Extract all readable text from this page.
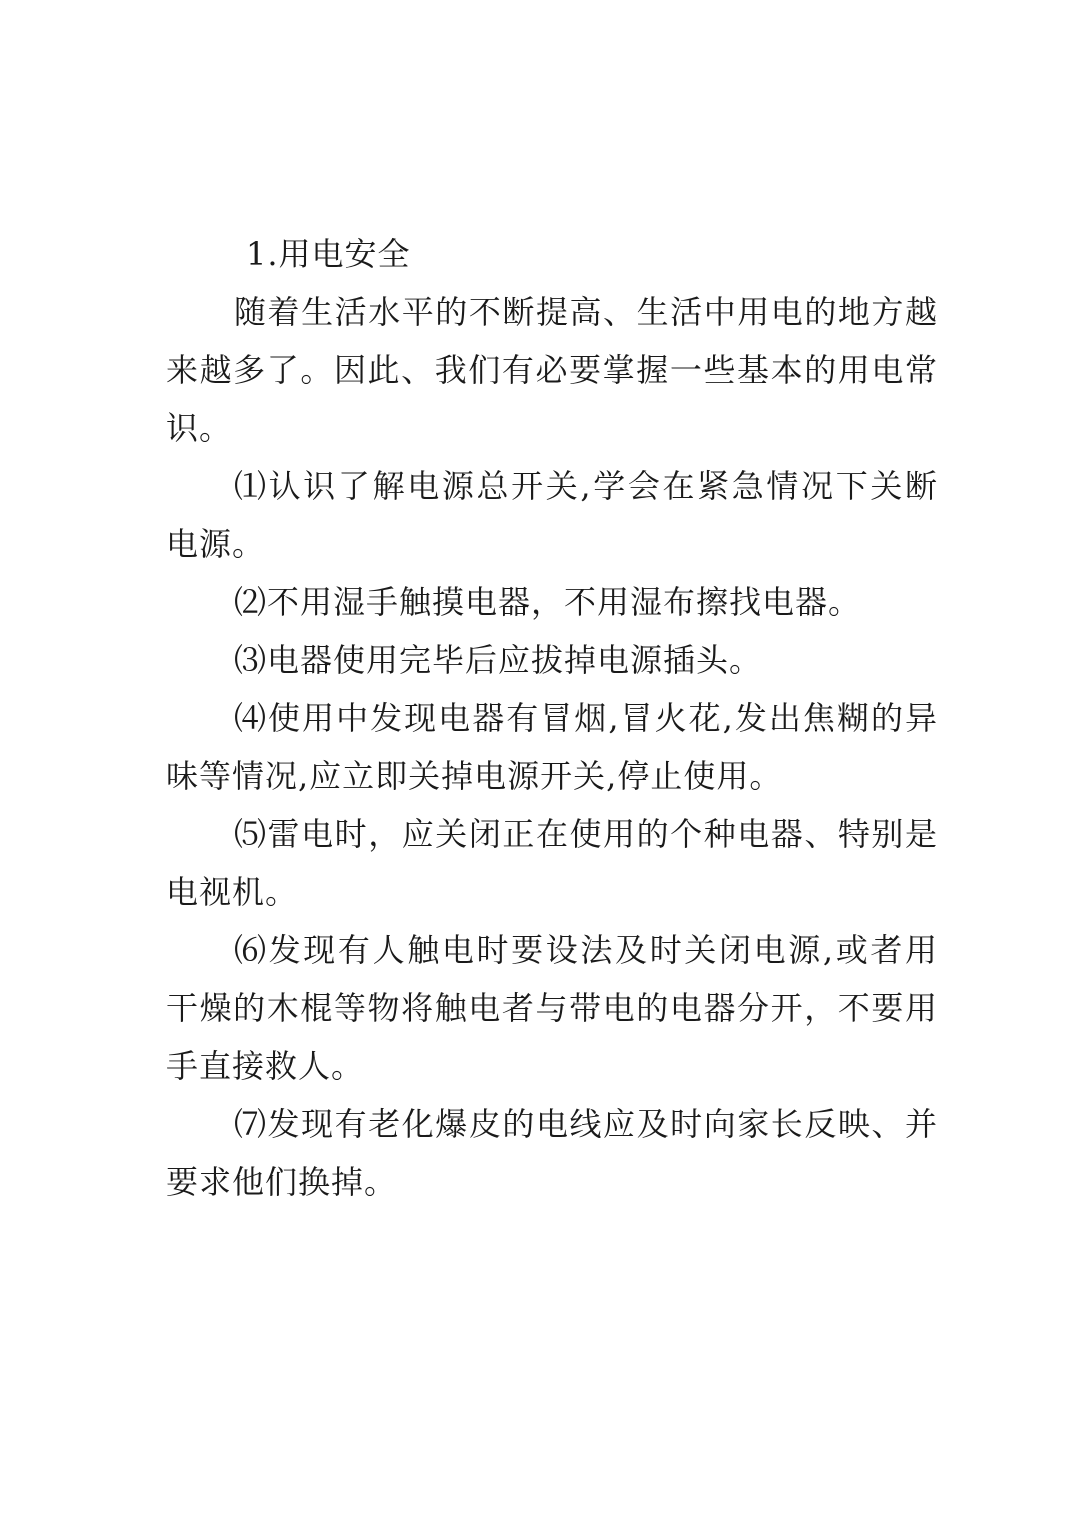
1.用电安全

随着生活水平的不断提高、生活中用电的地方越来越多了。因此、我们有必要掌握一些基本的用电常识。

⑴认识了解电源总开关,学会在紧急情况下关断电源。

⑵不用湿手触摸电器，不用湿布擦找电器。

⑶电器使用完毕后应拔掉电源插头。

⑷使用中发现电器有冒烟,冒火花,发出焦糊的异味等情况,应立即关掉电源开关,停止使用。

⑸雷电时，应关闭正在使用的个种电器、特别是电视机。

⑹发现有人触电时要设法及时关闭电源,或者用干燥的木棍等物将触电者与带电的电器分开，不要用手直接救人。

⑺发现有老化爆皮的电线应及时向家长反映、并要求他们换掉。
